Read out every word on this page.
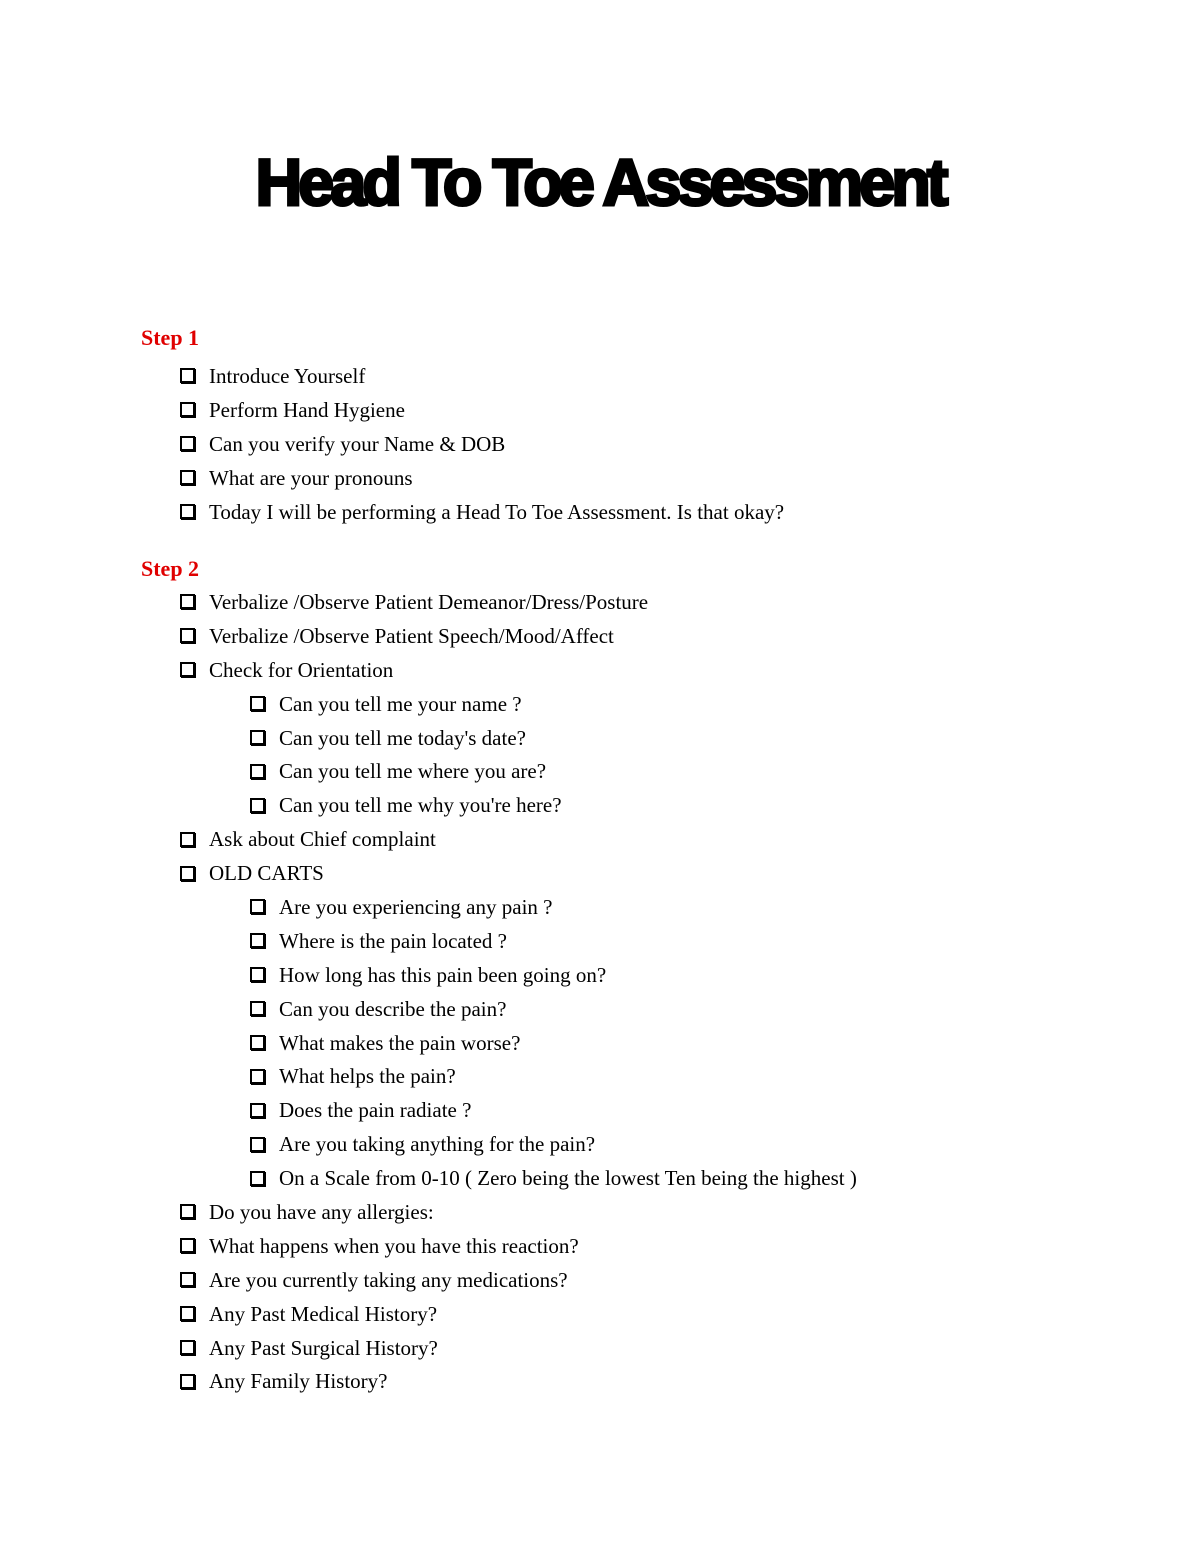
Head To Toe Assessment
Step 1
Introduce Yourself
Perform Hand Hygiene
Can you verify your Name & DOB
What are your pronouns
Today I will be performing a Head To Toe Assessment. Is that okay?
Step 2
Verbalize /Observe Patient Demeanor/Dress/Posture
Verbalize /Observe Patient Speech/Mood/Affect
Check for Orientation
Can you tell me your name ?
Can you tell me today's date?
Can you tell me where you are?
Can you tell me why you're here?
Ask about Chief complaint
OLD CARTS
Are you experiencing any pain ?
Where is the pain located ?
How long has this pain been going on?
Can you describe the pain?
What makes the pain worse?
What helps the pain?
Does the pain radiate ?
Are you taking anything for the pain?
On a Scale from 0-10 ( Zero being the lowest Ten being the highest )
Do you have any allergies:
What happens when you have this reaction?
Are you currently taking any medications?
Any Past Medical History?
Any Past Surgical History?
Any Family History?
